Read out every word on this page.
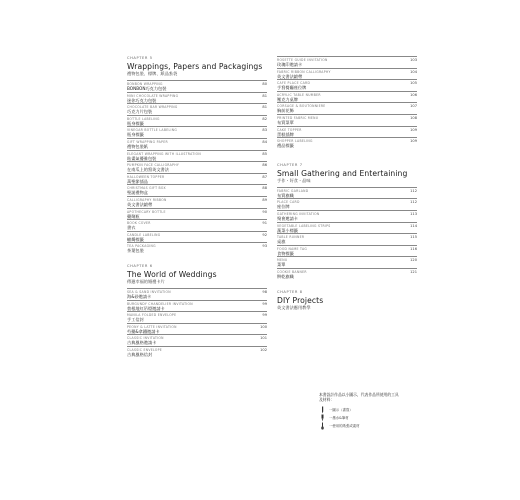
CHAPTER 5
Wrappings, Papers and Packagings
禮物包裝、標牌、紙品紮袋
BONBON WRAPPING
BONBON巧克力包裝
80
MINI CHOCOLATE WRAPPING
迷你巧克力包裝
81
CHOCOLATE BAR WRAPPING
巧克力片包裝
81
BOTTLE LABELING
瓶身標籤
82
VINEGAR BOTTLE LABELING
瓶身標籤
83
GIFT WRAPPING PAPER
禮物包裝紙
84
ELEGANT WRAPPING WITH ILLUSTRATION
貼畫氣優雅包裝
85
PUMPKIN FACE CALLIGRAPHY
在南瓜上的寫英文書法
86
HALLOWEEN TOPPER
萬聖節插品
87
CHRISTMAS GIFT BOX
聖誕禮物盒
88
CALLIGRAPHY RIBBON
英文書法緞帶
89
APOTHECARY BOTTLE
藥劑瓶
90
BOOK COVER
書衣
91
CANDLE LABELING
蠟燭標籤
92
TEA PACKAGING
茶葉包裝
93
CHAPTER 6
The World of Weddings
傳遞幸福的婚禮卡片
SEA & SAND INVITATION
海&砂邀請卡
98
BURGUNDY CHANDELIER INVITATION
勃根地紅吊燈邀請卡
99
MANILA FOLDED ENVELOPE
手工信封
99
PEONY & LATTE INVITATION
芍藥&拿鐵邀請卡
100
CLASSIC INVITATION
古典風格邀請卡
101
CLASSIC ENVELOPE
古典風格信封
102
ROSETTE GUIDE INVITATION
玫瑰印邀請卡
103
FABRIC RIBBON CALLIGRAPHY
英文書法緞帶
104
CAFE PLACE CARD
手寫餐廳座位牌
105
ACRYLIC TABLE NUMBER
壓克力桌牌
106
CORSAGE & BOUTONNIERE
胸前花飾
107
PRINTED FABRIC MENU
布質菜單
108
CAKE TOPPER
蛋糕插牌
109
SHOPPER LABELING
禮品標籤
109
CHAPTER 7
Small Gathering and Entertaining
手作・好食・品味
FABRIC GARLAND
布質旗幟
112
PLACE CARD
座位牌
112
GATHERING INVITATION
聚會邀請卡
113
VEGETABLE LABELING STRIPS
蔬菜小標籤
114
TABLE RUNNER
桌旗
115
FOOD NAME TAG
食物標籤
116
MENU
菜單
120
COOKIE BANNER
餅乾旗幟
121
CHAPTER 8
DIY Projects
英文書法應用教學
本書設計作品以小圖示，代表作品所使用的工具及材料：
一圖示（書寫）
一墨水&筆材
一使用的紙張或素材
